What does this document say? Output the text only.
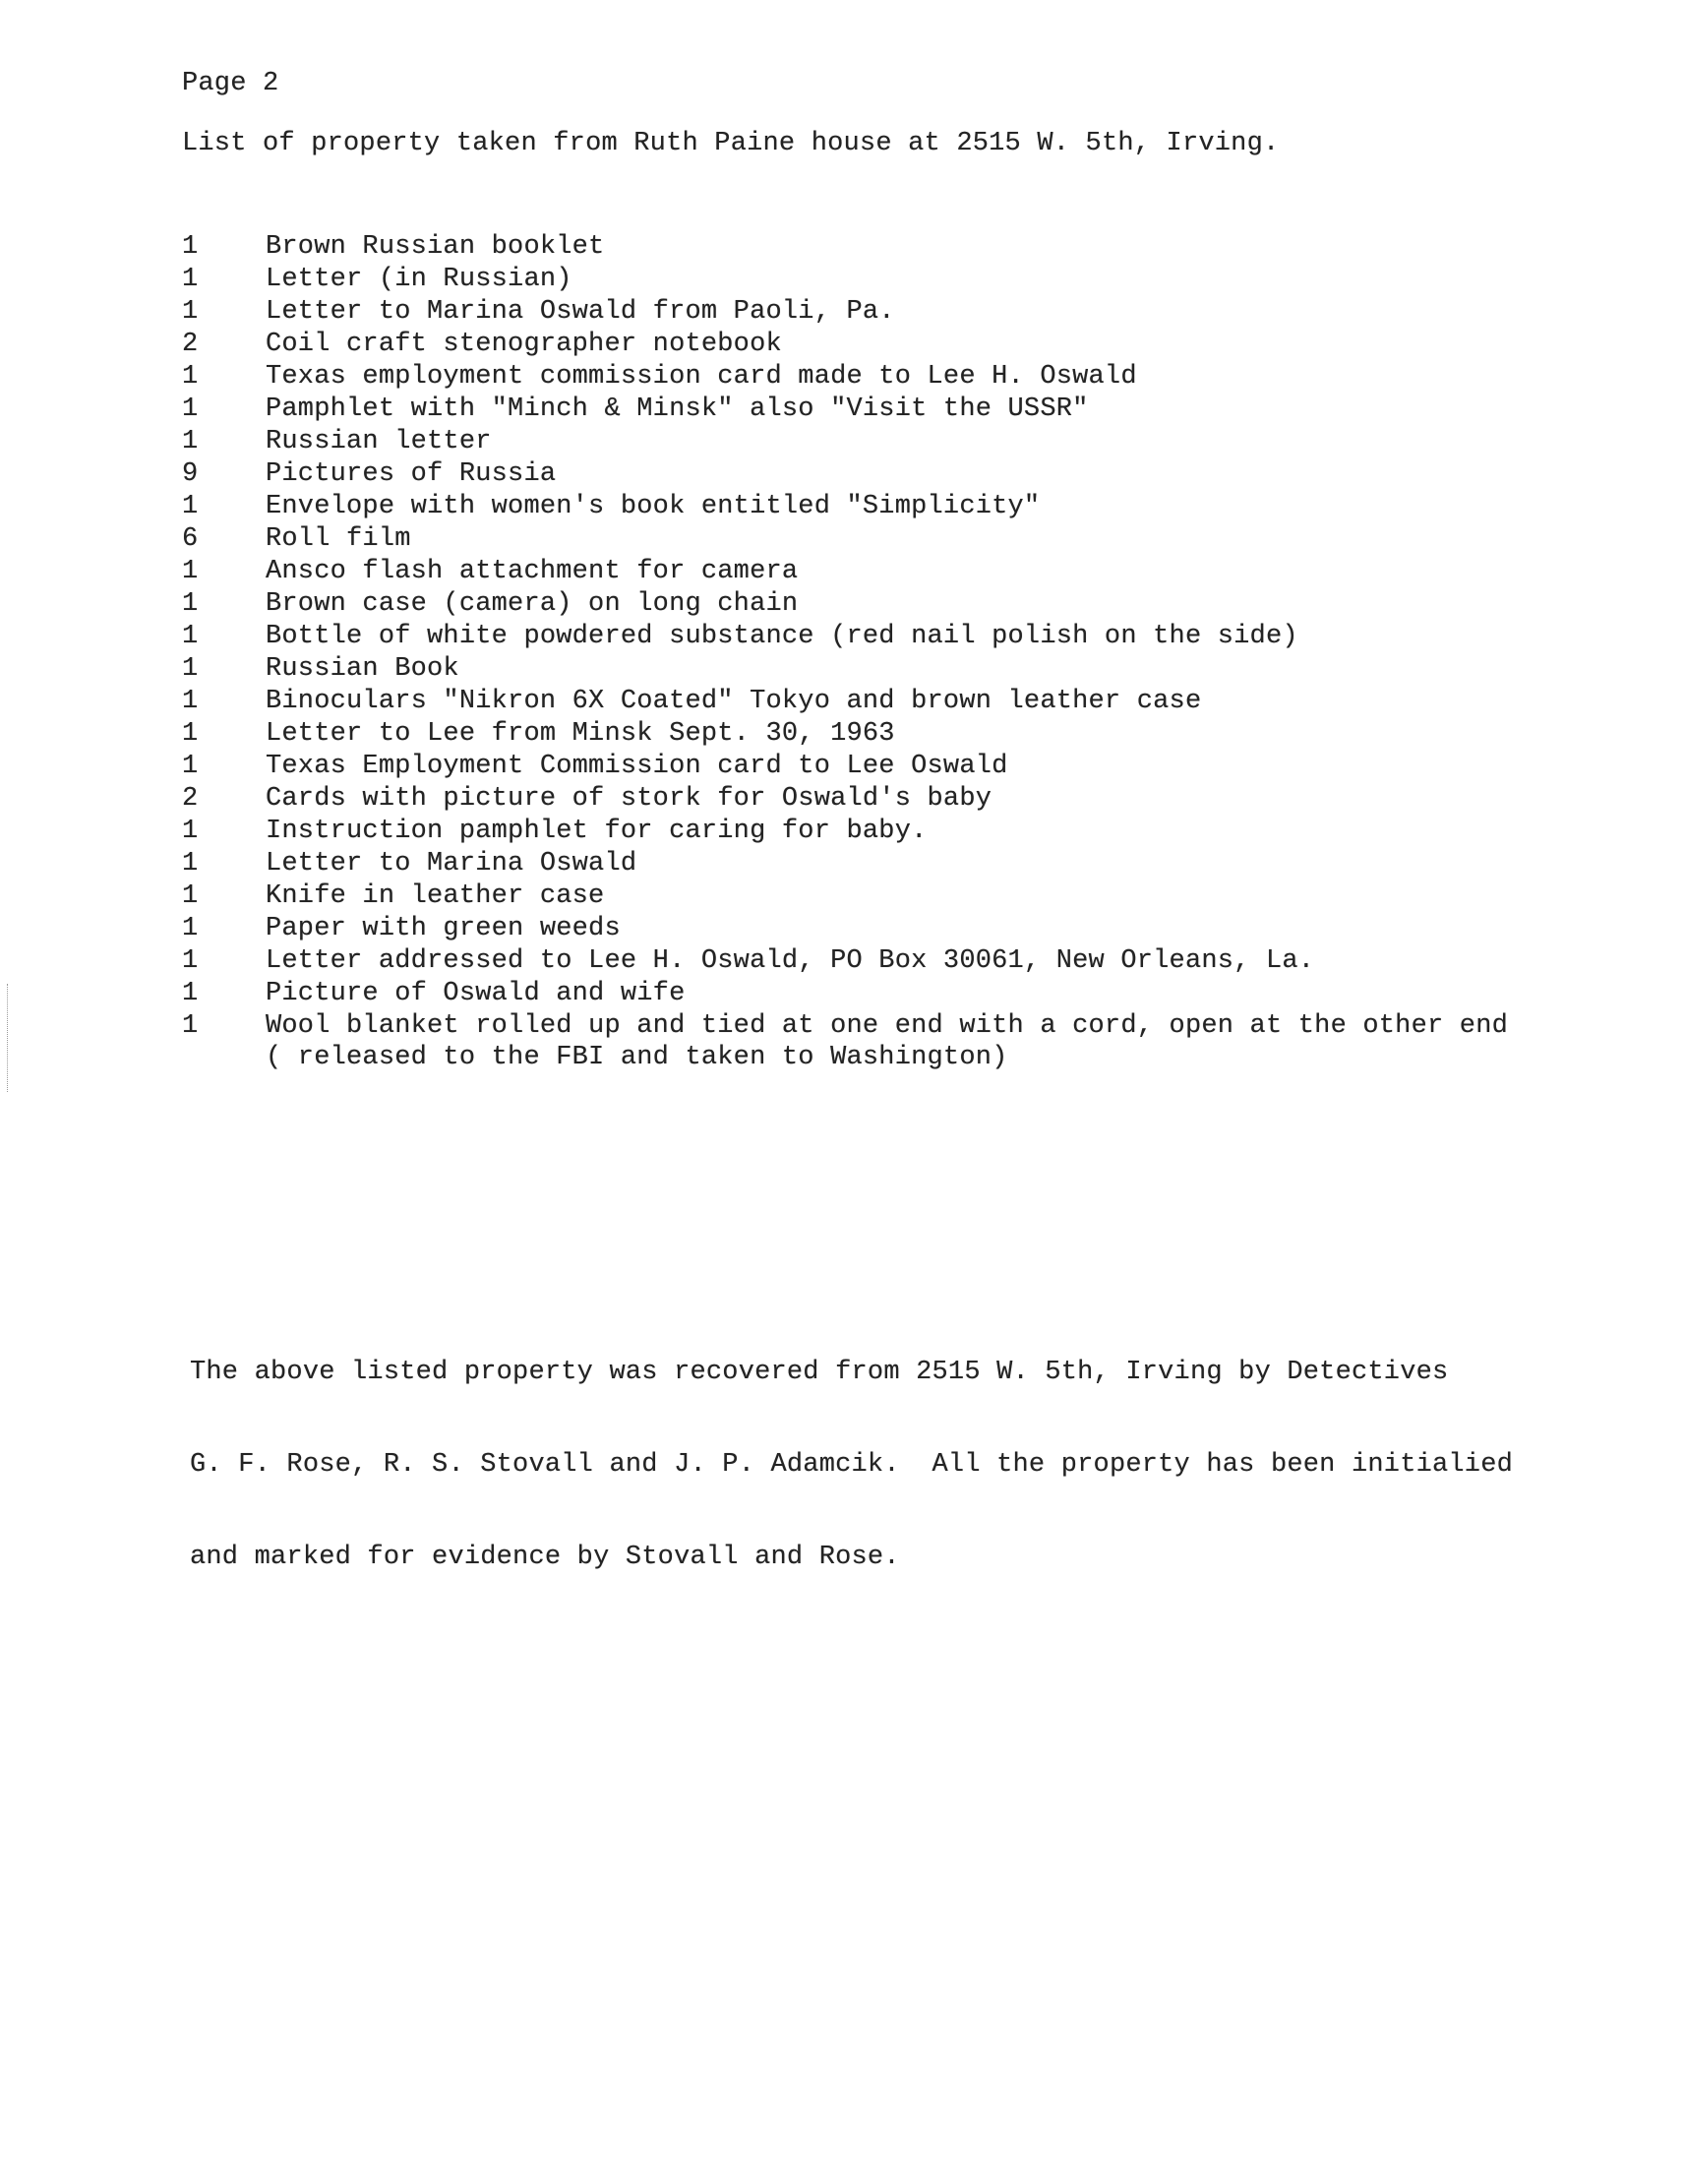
Page 2
List of property taken from Ruth Paine house at 2515 W. 5th, Irving.
1	Brown Russian booklet
1	Letter (in Russian)
1	Letter to Marina Oswald from Paoli, Pa.
2	Coil craft stenographer notebook
1	Texas employment commission card made to Lee H. Oswald
1	Pamphlet with "Minch & Minsk" also "Visit the USSR"
1	Russian letter
9	Pictures of Russia
1	Envelope with women's book entitled "Simplicity"
6	Roll film
1	Ansco flash attachment for camera
1	Brown case (camera) on long chain
1	Bottle of white powdered substance (red nail polish on the side)
1	Russian Book
1	Binoculars "Nikron 6X Coated" Tokyo and brown leather case
1	Letter to Lee from Minsk Sept. 30, 1963
1	Texas Employment Commission card to Lee Oswald
2	Cards with picture of stork for Oswald's baby
1	Instruction pamphlet for caring for baby.
1	Letter to Marina Oswald
1	Knife in leather case
1	Paper with green weeds
1	Letter addressed to Lee H. Oswald, PO Box 30061, New Orleans, La.
1	Picture of Oswald and wife
1	Wool blanket rolled up and tied at one end with a cord, open at the other end
( released to the FBI and taken to Washington)

The above listed property was recovered from 2515 W. 5th, Irving by Detectives

G. F. Rose, R. S. Stovall and J. P. Adamcik.  All the property has been initialied

and marked for evidence by Stovall and Rose.
